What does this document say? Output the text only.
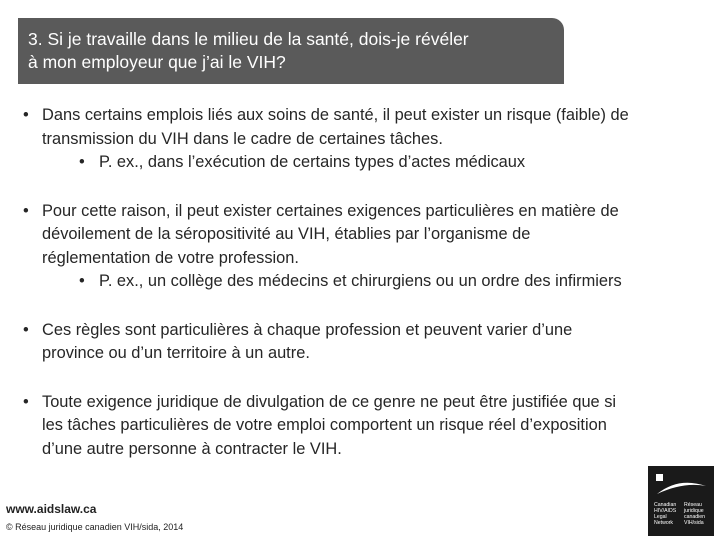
3. Si je travaille dans le milieu de la santé, dois-je révéler
à mon employeur que j’ai le VIH?
• Dans certains emplois liés aux soins de santé, il peut exister un risque (faible) de
transmission du VIH dans le cadre de certaines tâches.
• P. ex., dans l’exécution de certains types d’actes médicaux
• Pour cette raison, il peut exister certaines exigences particulières en matière de
dévoilement de la séropositivité au VIH, établies par l’organisme de
réglementation de votre profession.
• P. ex., un collège des médecins et chirurgiens ou un ordre des infirmiers
• Ces règles sont particulières à chaque profession et peuvent varier d’une
province ou d’un territoire à un autre.
• Toute exigence juridique de divulgation de ce genre ne peut être justifiée que si
les tâches particulières de votre emploi comportent un risque réel d’exposition
d’une autre personne à contracter le VIH.
www.aidslaw.ca
© Réseau juridique canadien VIH/sida, 2014
Canadian
HIV/AIDS
Legal
Network
Réseau
juridique
canadien
VIH/sida
